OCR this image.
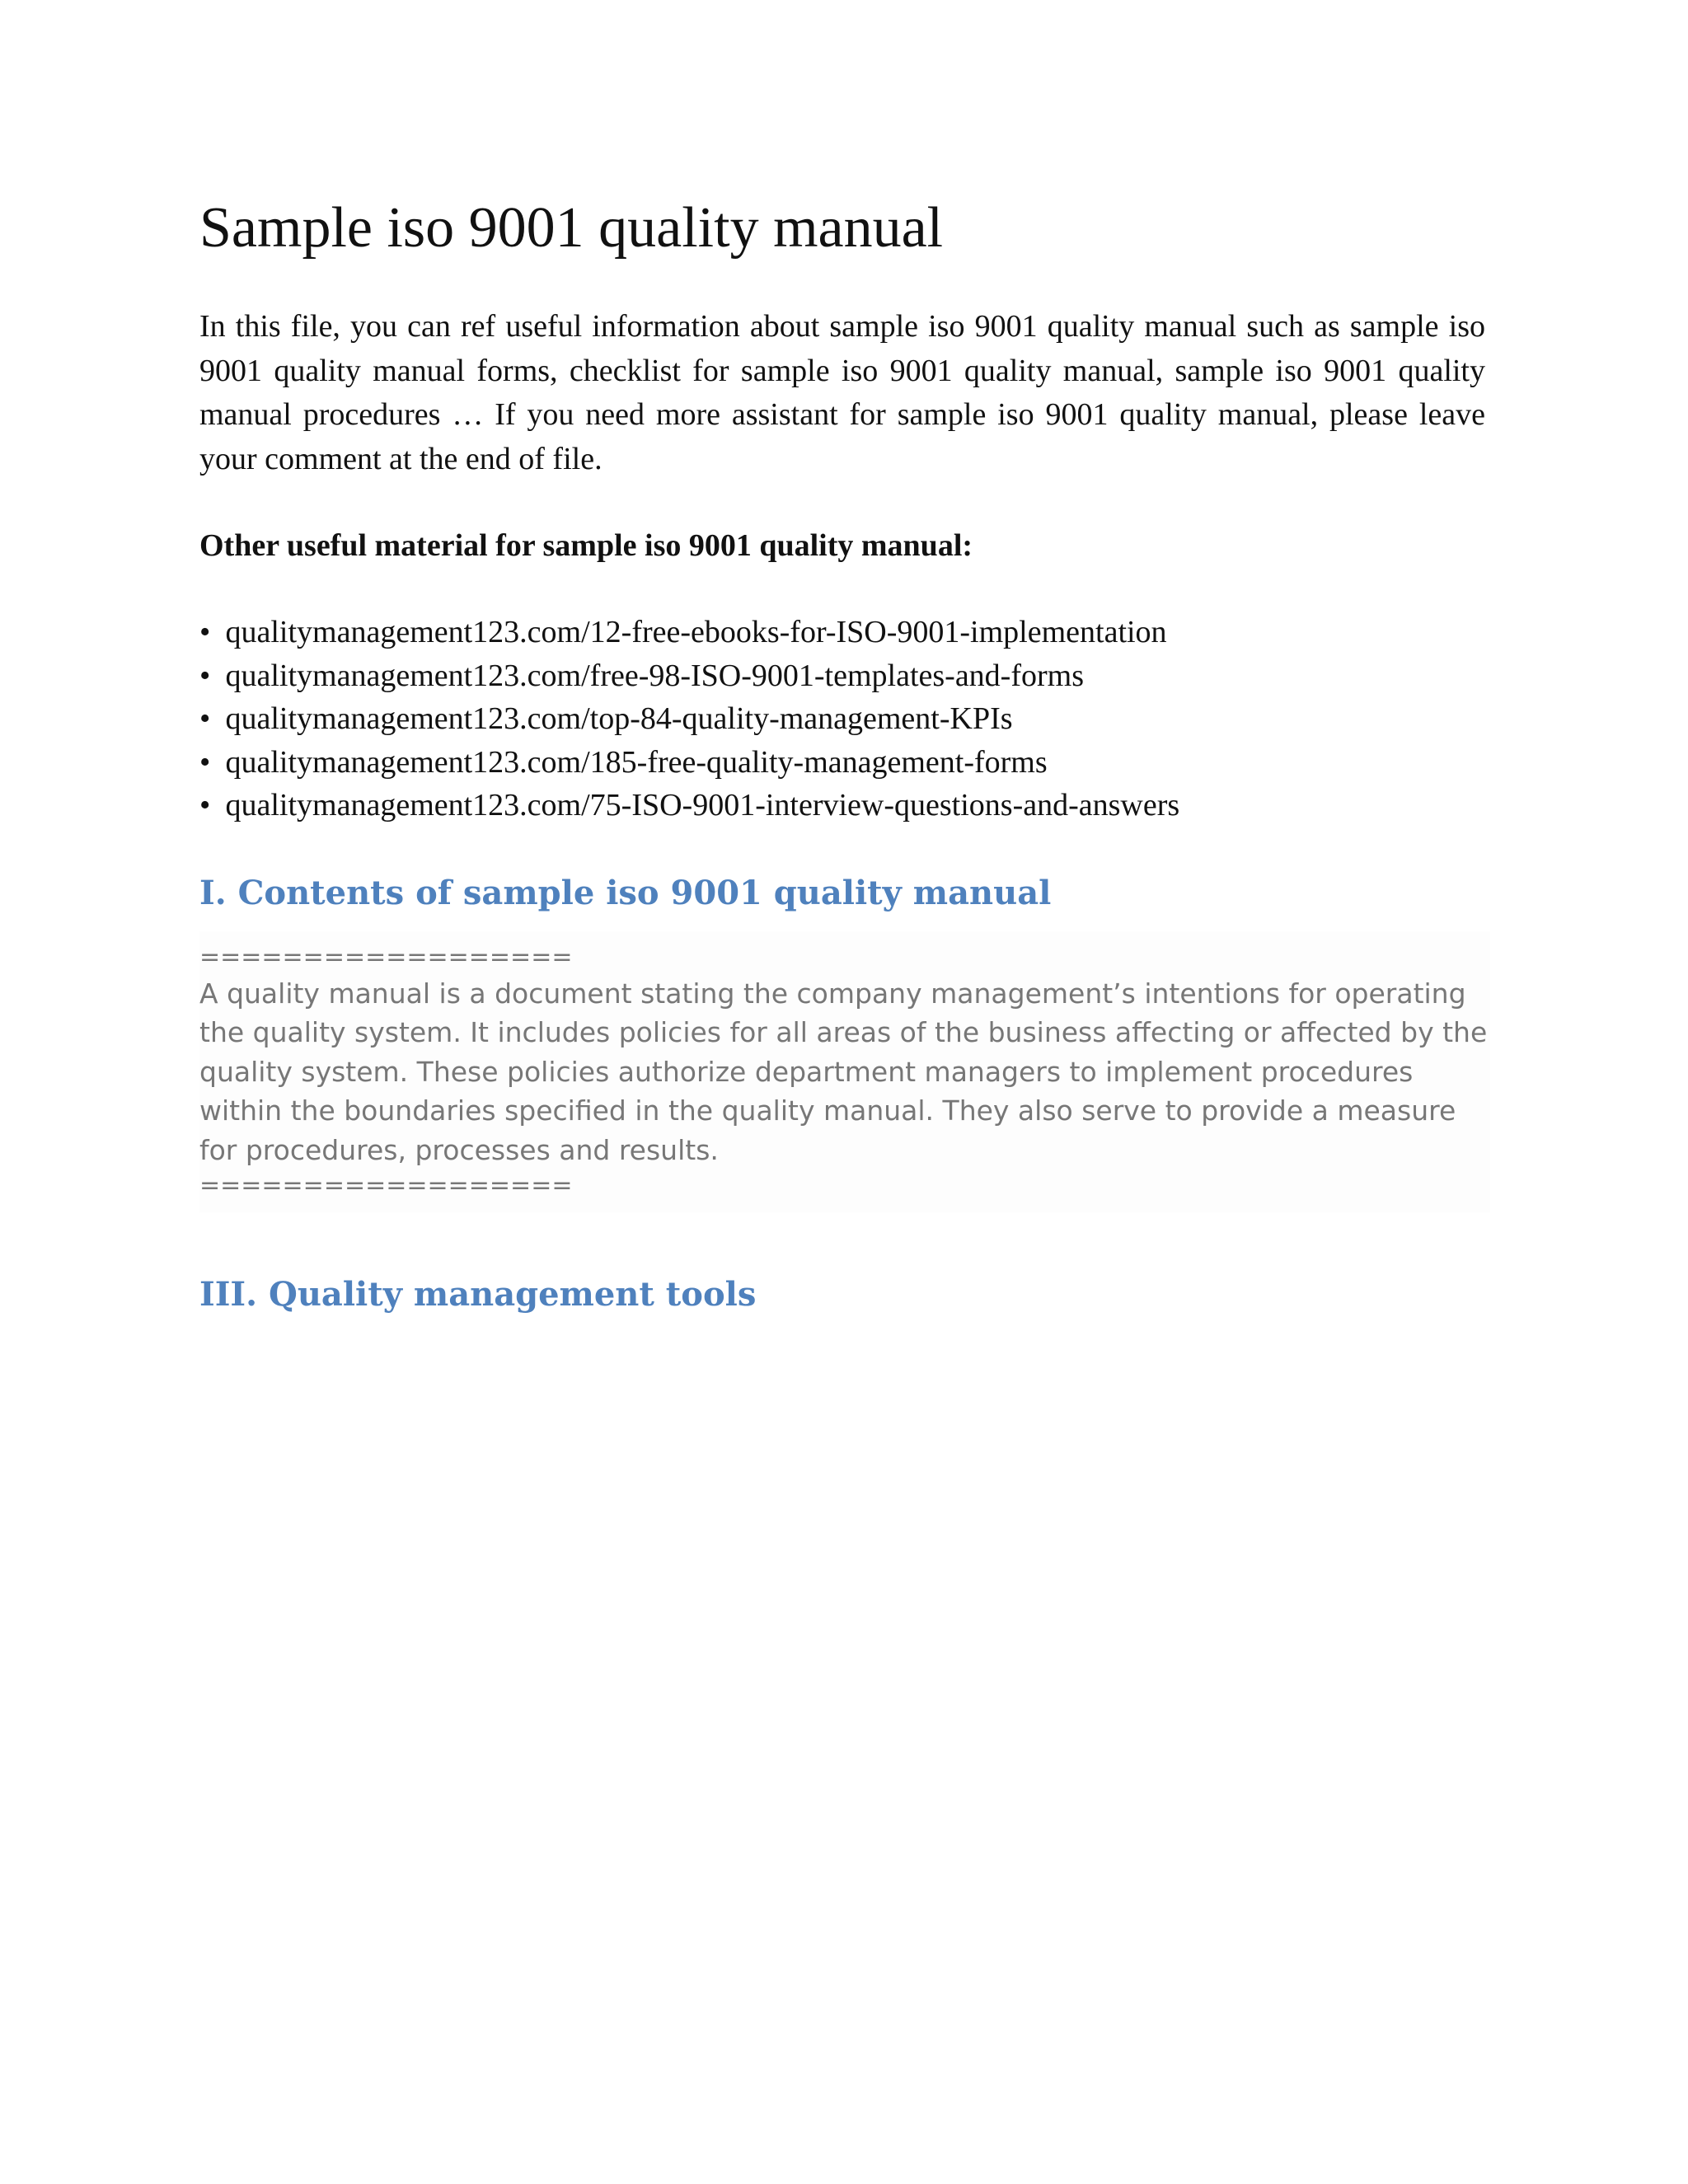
Sample iso 9001 quality manual

In this file, you can ref useful information about sample iso 9001 quality manual such as sample iso 9001 quality manual forms, checklist for sample iso 9001 quality manual, sample iso 9001 quality manual procedures … If you need more assistant for sample iso 9001 quality manual, please leave your comment at the end of file.

Other useful material for sample iso 9001 quality manual:
• qualitymanagement123.com/12-free-ebooks-for-ISO-9001-implementation
• qualitymanagement123.com/free-98-ISO-9001-templates-and-forms
• qualitymanagement123.com/top-84-quality-management-KPIs
• qualitymanagement123.com/185-free-quality-management-forms
• qualitymanagement123.com/75-ISO-9001-interview-questions-and-answers
I. Contents of sample iso 9001 quality manual
==================

A quality manual is a document stating the company management’s intentions for operating the quality system. It includes policies for all areas of the business affecting or affected by the quality system. These policies authorize department managers to implement procedures within the boundaries specified in the quality manual. They also serve to provide a measure for procedures, processes and results.

==================
III. Quality management tools
